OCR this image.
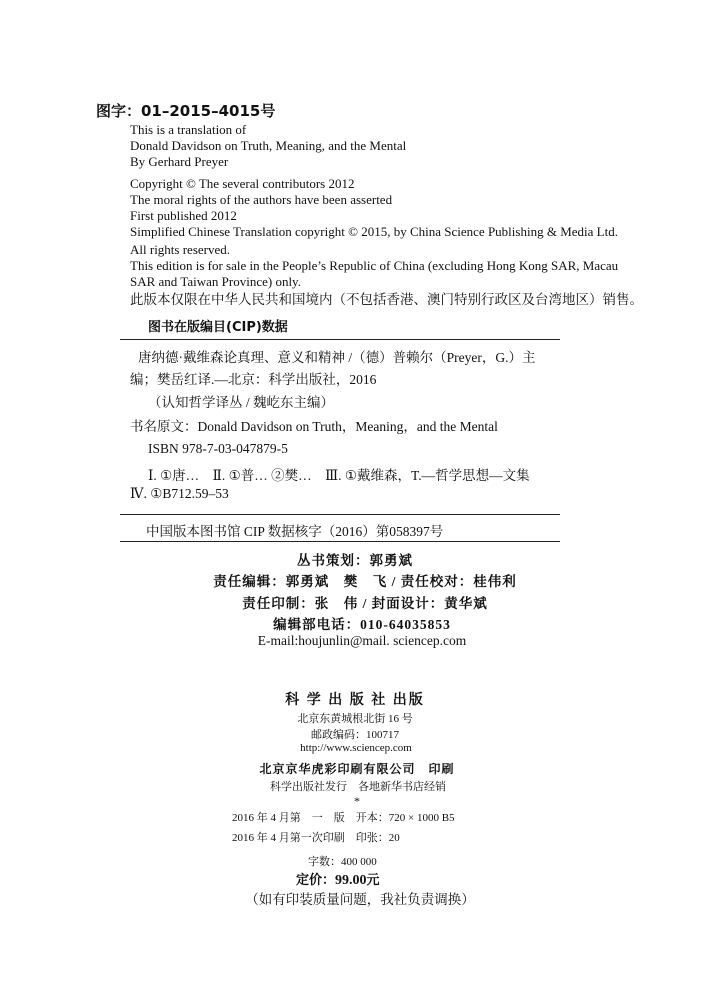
图字：01–2015–4015号
This is a translation of
Donald Davidson on Truth, Meaning, and the Mental
By Gerhard Preyer
Copyright © The several contributors 2012
The moral rights of the authors have been asserted
First published 2012
Simplified Chinese Translation copyright © 2015, by China Science Publishing & Media Ltd.
All rights reserved.
This edition is for sale in the People’s Republic of China (excluding Hong Kong SAR, Macau
SAR and Taiwan Province) only.
此版本仅限在中华人民共和国境内（不包括香港、澳门特别行政区及台湾地区）销售。
图书在版编目(CIP)数据
唐纳德·戴维森论真理、意义和精神 /（德）普赖尔（Preyer，G.）主
编；樊岳红译.—北京：科学出版社，2016
（认知哲学译丛 / 魏屹东主编）
书名原文：Donald Davidson on Truth，Meaning，and the Mental
ISBN 978-7-03-047879-5
Ⅰ. ①唐…　Ⅱ. ①普… ②樊…　Ⅲ. ①戴维森，T.—哲学思想—文集
Ⅳ. ①B712.59–53
中国版本图书馆 CIP 数据核字（2016）第058397号
丛书策划：郭勇斌
责任编辑：郭勇斌　樊　飞 / 责任校对：桂伟利
责任印制：张　伟 / 封面设计：黄华斌
编辑部电话：010-64035853
E-mail:houjunlin@mail. sciencep.com
科 学 出 版 社 出版
北京东黄城根北街 16 号
邮政编码：100717
http://www.sciencep.com
北京京华虎彩印刷有限公司　印刷
科学出版社发行　各地新华书店经销
*
2016 年 4 月第　一　版　开本：720 × 1000 B5
2016 年 4 月第一次印刷　印张：20
字数：400 000
定价：99.00元
（如有印装质量问题，我社负责调换）
